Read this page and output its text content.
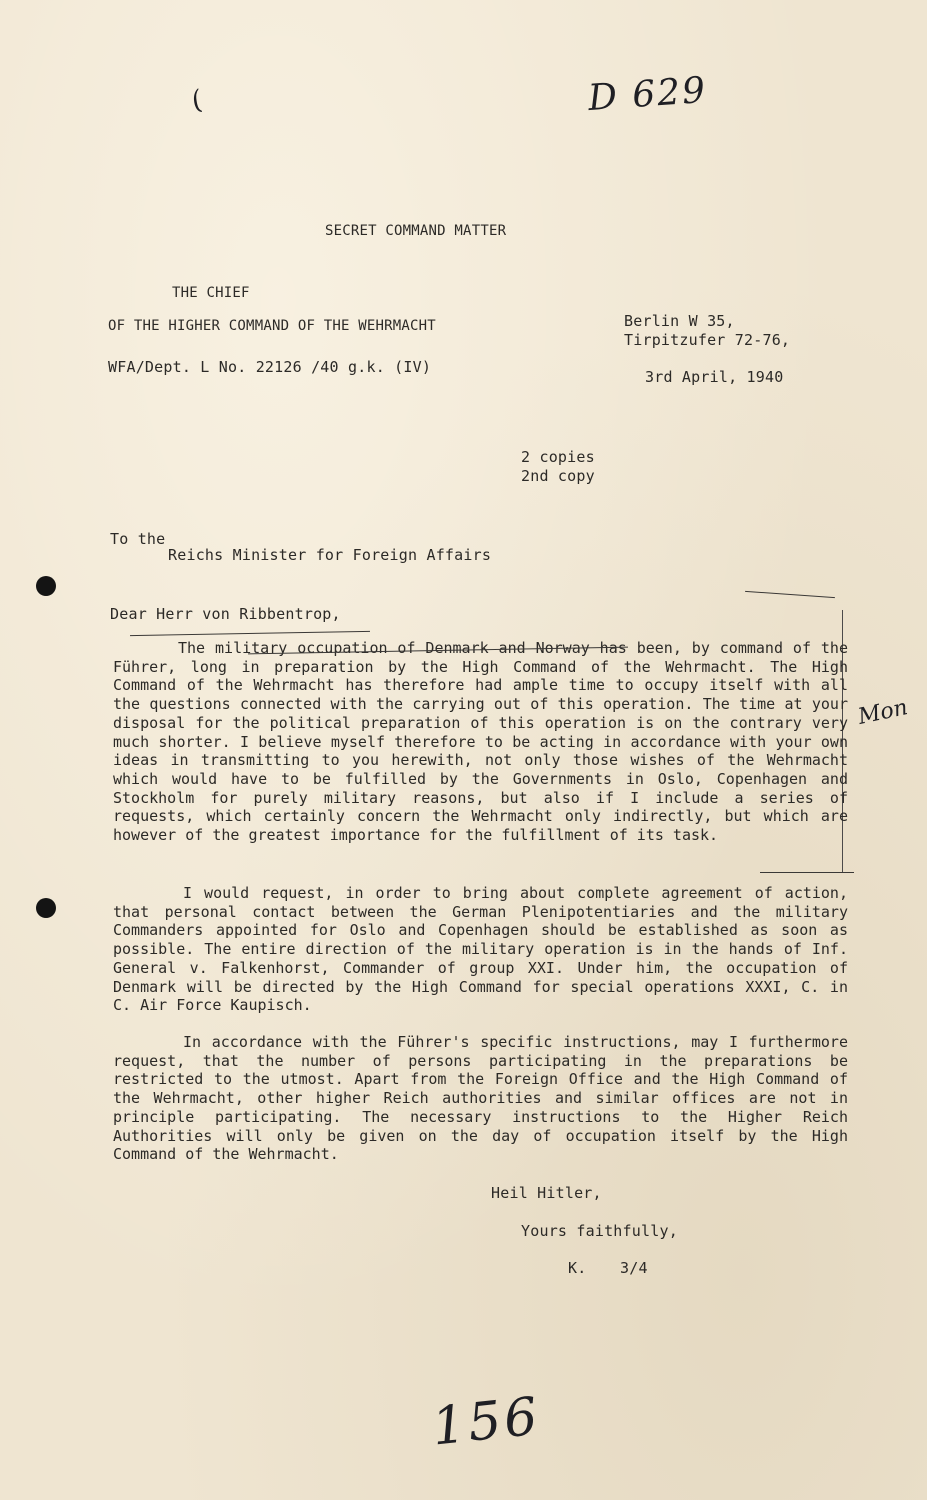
(	D 629
Mon
156
SECRET COMMAND MATTER
THE CHIEF
OF THE HIGHER COMMAND OF THE WEHRMACHT
WFA/Dept. L No. 22126 /40 g.k. (IV)
Berlin W 35,
Tirpitzufer 72-76,
3rd April, 1940
2 copies
2nd copy
To the
Reichs Minister for Foreign Affairs
Dear Herr von Ribbentrop,
The military occupation of Denmark and Norway has been, by command of the Führer, long in preparation by the High Command of the Wehrmacht. The High Command of the Wehrmacht has therefore had ample time to occupy itself with all the questions connected with the carrying out of this operation. The time at your disposal for the political preparation of this operation is on the contrary very much shorter. I believe myself therefore to be acting in accordance with your own ideas in transmitting to you herewith, not only those wishes of the Wehrmacht which would have to be fulfilled by the Governments in Oslo, Copenhagen and Stockholm for purely military reasons, but also if I include a series of requests, which certainly concern the Wehrmacht only indirectly, but which are however of the greatest importance for the fulfillment of its task.
I would request, in order to bring about complete agreement of action, that personal contact between the German Plenipotentiaries and the military Commanders appointed for Oslo and Copenhagen should be established as soon as possible. The entire direction of the military operation is in the hands of Inf. General v. Falkenhorst, Commander of group XXI. Under him, the occupation of Denmark will be directed by the High Command for special operations XXXI, C. in C. Air Force Kaupisch.
In accordance with the Führer's specific instructions, may I furthermore request, that the number of persons participating in the preparations be restricted to the utmost. Apart from the Foreign Office and the High Command of the Wehrmacht, other higher Reich authorities and similar offices are not in principle participating. The necessary instructions to the Higher Reich Authorities will only be given on the day of occupation itself by the High Command of the Wehrmacht.
Heil Hitler,
Yours faithfully,
K. 3/4
